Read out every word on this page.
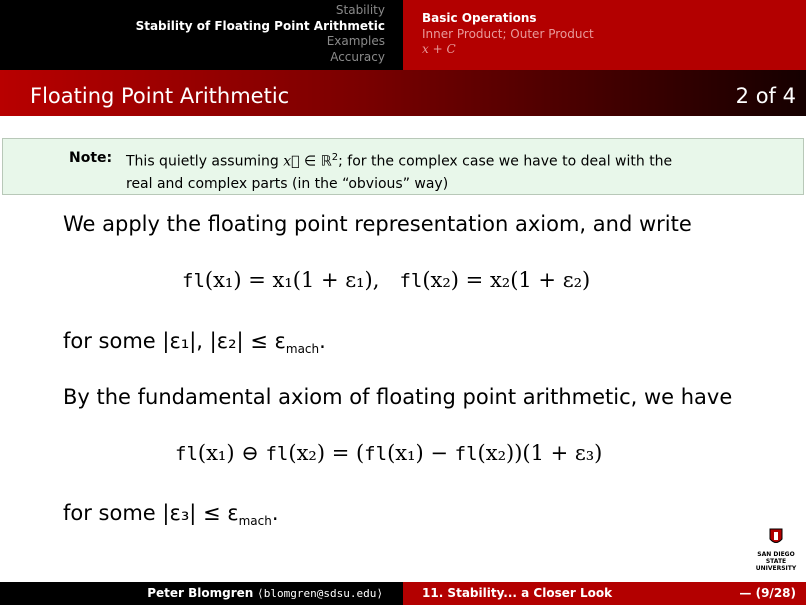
Stability
Stability of Floating Point Arithmetic
Examples
Accuracy
Basic Operations
Inner Product; Outer Product
x + C
Floating Point Arithmetic	2 of 4
Note: This quietly assuming x⃗ ∈ ℝ$^2$; for the complex case we have to deal with the
real and complex parts (in the “obvious” way)
We apply the floating point representation axiom, and write
fl(x₁) = x₁(1 + ε₁), fl(x₂) = x₂(1 + ε₂)
for some |ε₁|, $|\varepsilon_2| \le \varepsilon_{mach}$.
By the fundamental axiom of floating point arithmetic, we have
fl(x₁) ⊖ fl(x₂) = (fl(x₁) − fl(x₂))(1 + ε₃)
for some $|\varepsilon_3| \le \varepsilon_{mach}$.
SAN DIEGO STATE
UNIVERSITY
Peter Blomgren ⟨blomgren@sdsu.edu⟩	11. Stability... a Closer Look	— (9/28)
